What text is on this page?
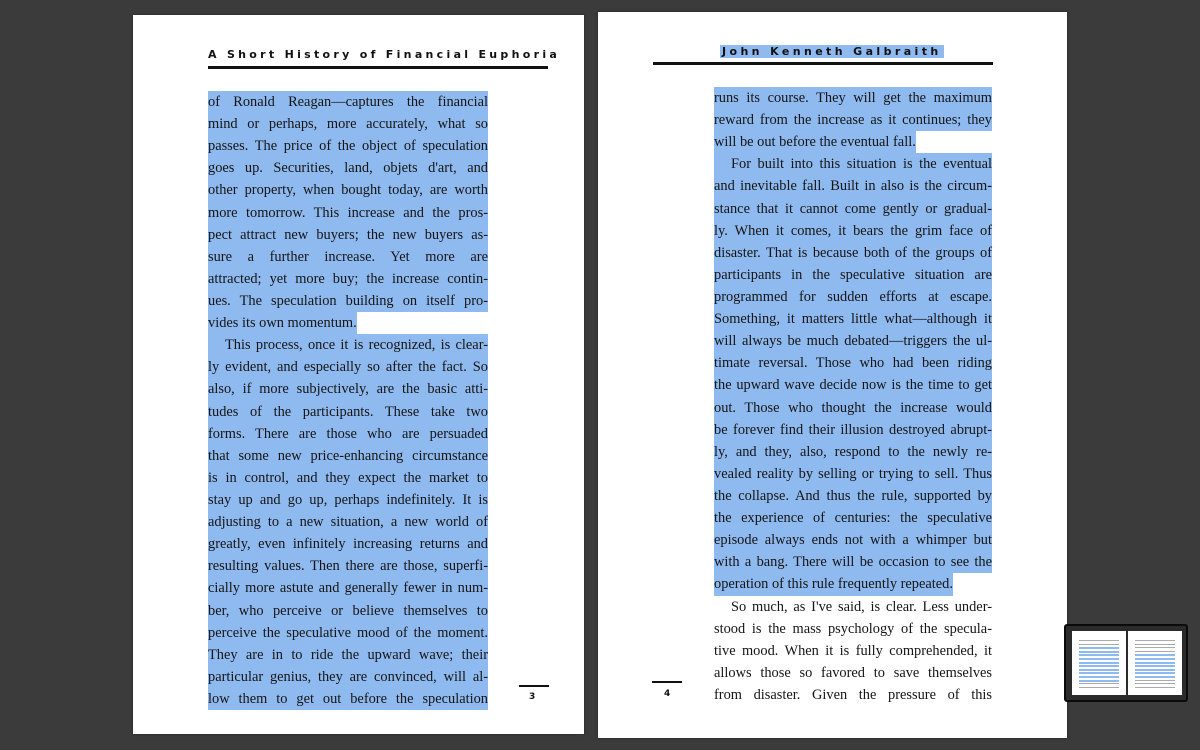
A Short History of Financial Euphoria
of Ronald Reagan—captures the financial
mind or perhaps, more accurately, what so
passes. The price of the object of speculation
goes up. Securities, land, objets d'art, and
other property, when bought today, are worth
more tomorrow. This increase and the pros-
pect attract new buyers; the new buyers as-
sure a further increase. Yet more are
attracted; yet more buy; the increase contin-
ues. The speculation building on itself pro-
vides its own momentum.
This process, once it is recognized, is clear-
ly evident, and especially so after the fact. So
also, if more subjectively, are the basic atti-
tudes of the participants. These take two
forms. There are those who are persuaded
that some new price-enhancing circumstance
is in control, and they expect the market to
stay up and go up, perhaps indefinitely. It is
adjusting to a new situation, a new world of
greatly, even infinitely increasing returns and
resulting values. Then there are those, superfi-
cially more astute and generally fewer in num-
ber, who perceive or believe themselves to
perceive the speculative mood of the moment.
They are in to ride the upward wave; their
particular genius, they are convinced, will al-
low them to get out before the speculation	3
John Kenneth Galbraith
runs its course. They will get the maximum
reward from the increase as it continues; they
will be out before the eventual fall.
For built into this situation is the eventual
and inevitable fall. Built in also is the circum-
stance that it cannot come gently or gradual-
ly. When it comes, it bears the grim face of
disaster. That is because both of the groups of
participants in the speculative situation are
programmed for sudden efforts at escape.
Something, it matters little what—although it
will always be much debated—triggers the ul-
timate reversal. Those who had been riding
the upward wave decide now is the time to get
out. Those who thought the increase would
be forever find their illusion destroyed abrupt-
ly, and they, also, respond to the newly re-
vealed reality by selling or trying to sell. Thus
the collapse. And thus the rule, supported by
the experience of centuries: the speculative
episode always ends not with a whimper but
with a bang. There will be occasion to see the
operation of this rule frequently repeated.
So much, as I've said, is clear. Less under-
stood is the mass psychology of the specula-
tive mood. When it is fully comprehended, it
allows those so favored to save themselves
from disaster. Given the pressure of this
4
